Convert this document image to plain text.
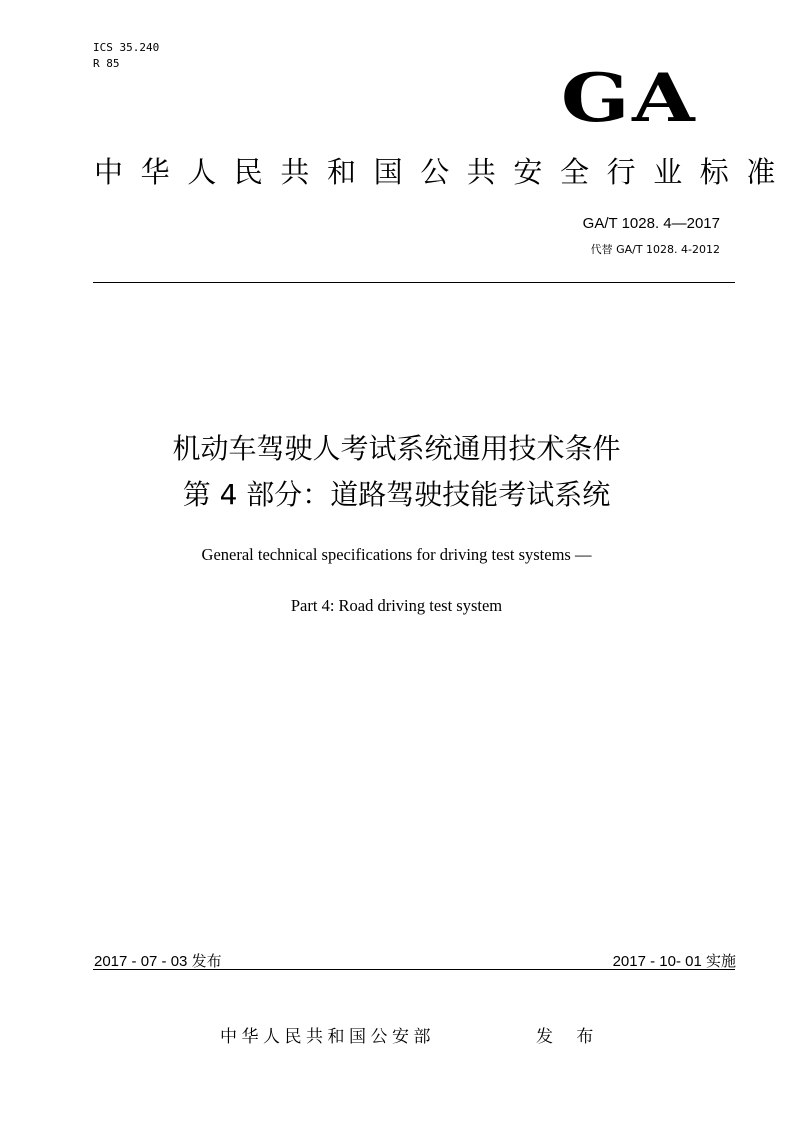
ICS 35.240
R 85	GA
中华人民共和国公共安全行业标准
GA/T 1028. 4—2017
代替 GA/T 1028. 4-2012
机动车驾驶人考试系统通用技术条件
第 4 部分：道路驾驶技能考试系统
General technical specifications for driving test systems —
Part 4: Road driving test system
2017 - 07 - 03 发布	2017 - 10- 01 实施
中华人民共和国公安部	发 布
